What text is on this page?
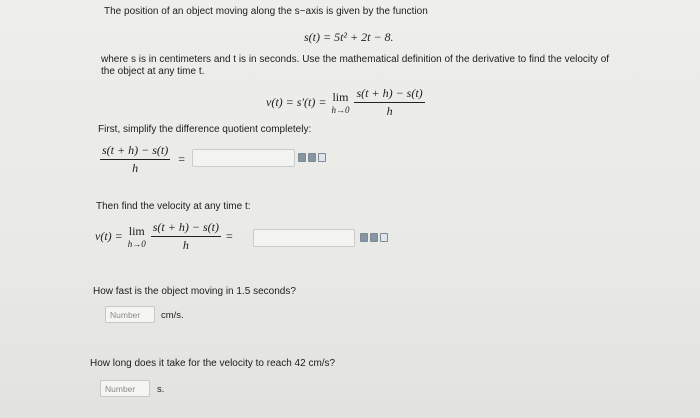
The position of an object moving along the s−axis is given by the function
s(t) = 5t² + 2t − 8.
where s is in centimeters and t is in seconds. Use the mathematical definition of the derivative to find the velocity of
the object at any time t.
v(t) = s′(t) = lim
$h\to 0 \frac{s(t + h) - s(t)}{h}$
First, simplify the difference quotient completely:
$\frac{s(t + h) - s(t)}{h}$ =
Then find the velocity at any time t:
v(t) = lim
$h\to 0 \frac{s(t + h) - s(t)}{h}$ =
How fast is the object moving in 1.5 seconds?
Number
cm/s.
How long does it take for the velocity to reach 42 cm/s?
Number
s.
